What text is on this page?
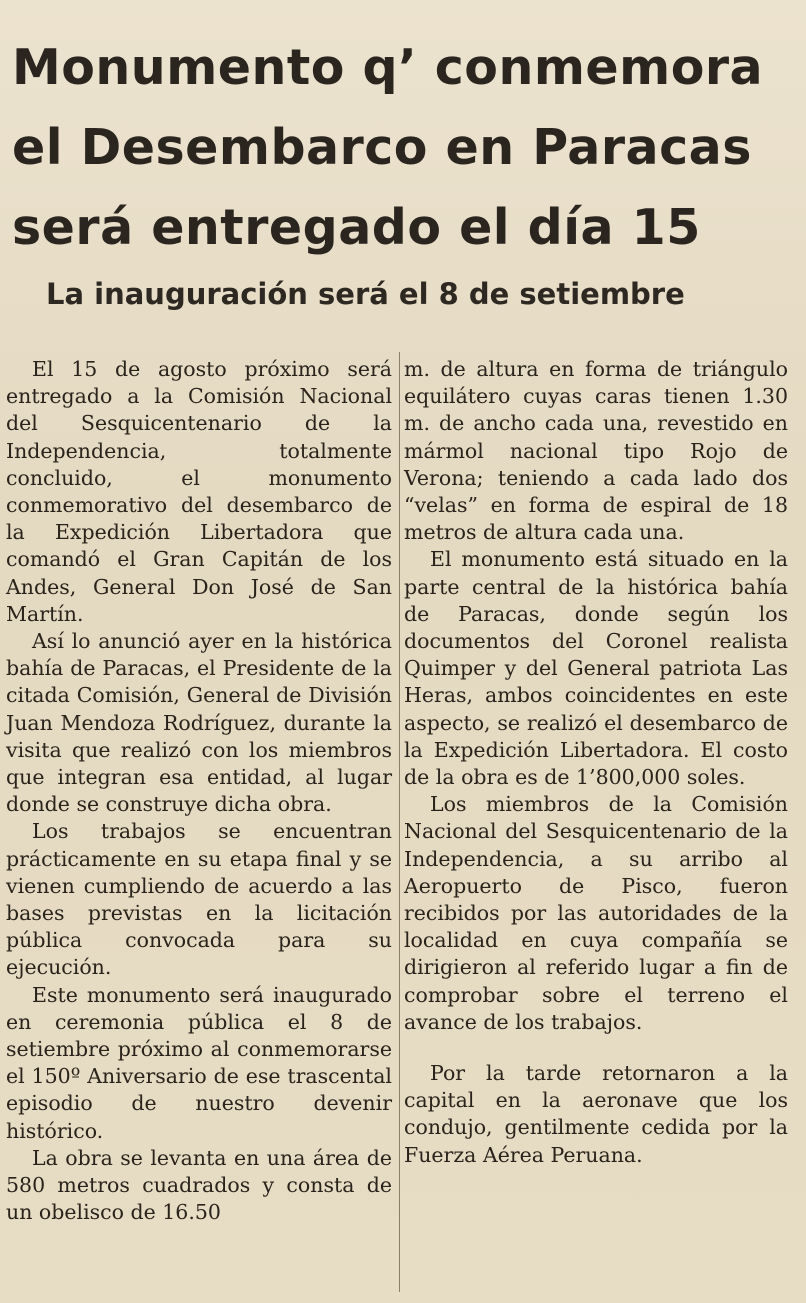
Monumento q’ conmemora
el Desembarco en Paracas
será entregado el día 15
La inauguración será el 8 de setiembre

El 15 de agosto próximo será entregado a la Comisión Nacional del Sesquicentenario de la Independencia, totalmente concluido, el monumento conmemorativo del desembarco de la Expedición Libertadora que comandó el Gran Capitán de los Andes, General Don José de San Martín.

Así lo anunció ayer en la histórica bahía de Paracas, el Presidente de la citada Comisión, General de División Juan Mendoza Rodríguez, durante la visita que realizó con los miembros que integran esa entidad, al lugar donde se construye dicha obra.

Los trabajos se encuentran prácticamente en su etapa final y se vienen cumpliendo de acuerdo a las bases previstas en la licitación pública convocada para su ejecución.

Este monumento será inaugurado en ceremonia pública el 8 de setiembre próximo al conmemorarse el 150º Aniversario de ese trascental episodio de nuestro devenir histórico.

La obra se levanta en una área de 580 metros cuadrados y consta de un obelisco de 16.50

m. de altura en forma de triángulo equilátero cuyas caras tienen 1.30 m. de ancho cada una, revestido en mármol nacional tipo Rojo de Verona; teniendo a cada lado dos “velas” en forma de espiral de 18 metros de altura cada una.

El monumento está situado en la parte central de la histórica bahía de Paracas, donde según los documentos del Coronel realista Quimper y del General patriota Las Heras, ambos coincidentes en este aspecto, se realizó el desembarco de la Expedición Libertadora. El costo de la obra es de 1’800,000 soles.

Los miembros de la Comisión Nacional del Sesquicentenario de la Independencia, a su arribo al Aeropuerto de Pisco, fueron recibidos por las autoridades de la localidad en cuya compañía se dirigieron al referido lugar a fin de comprobar sobre el terreno el avance de los trabajos.

Por la tarde retornaron a la capital en la aeronave que los condujo, gentilmente cedida por la Fuerza Aérea Peruana.
